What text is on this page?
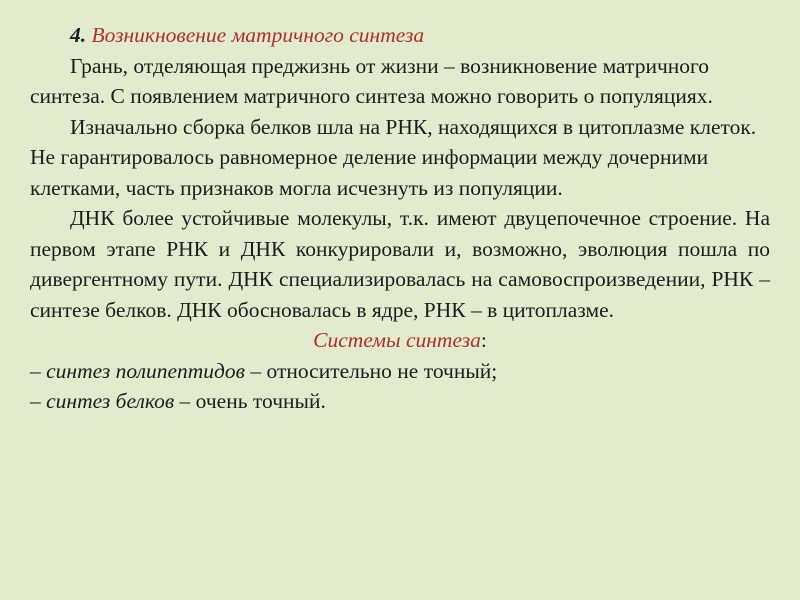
4. Возникновение матричного синтеза

Грань, отделяющая преджизнь от жизни – возникновение матричного синтеза. С появлением матричного синтеза можно говорить о популяциях.

Изначально сборка белков шла на РНК, находящихся в цитоплазме клеток. Не гарантировалось равномерное деление информации между дочерними клетками, часть признаков могла исчезнуть из популяции.

ДНК более устойчивые молекулы, т.к. имеют двуцепочечное строение. На первом этапе РНК и ДНК конкурировали и, возможно, эволюция пошла по дивергентному пути. ДНК специализировалась на самовоспроизведении, РНК – синтезе белков. ДНК обосновалась в ядре, РНК – в цитоплазме.

Системы синтеза:

– синтез полипептидов – относительно не точный;

– синтез белков – очень точный.
